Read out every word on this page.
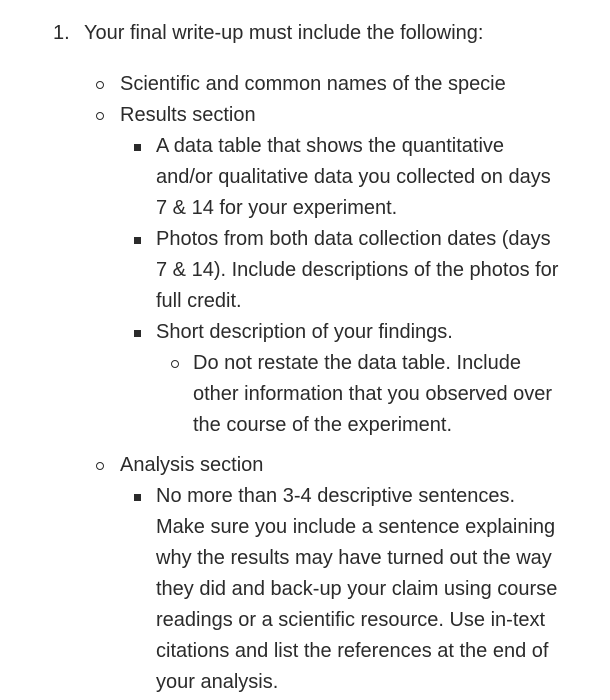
1. Your final write-up must include the following:
Scientific and common names of the specie
Results section
A data table that shows the quantitative
and/or qualitative data you collected on days
7 & 14 for your experiment.
Photos from both data collection dates (days
7 & 14). Include descriptions of the photos for
full credit.
Short description of your findings.
Do not restate the data table. Include
other information that you observed over
the course of the experiment.
Analysis section
No more than 3-4 descriptive sentences.
Make sure you include a sentence explaining
why the results may have turned out the way
they did and back-up your claim using course
readings or a scientific resource. Use in-text
citations and list the references at the end of
your analysis.
